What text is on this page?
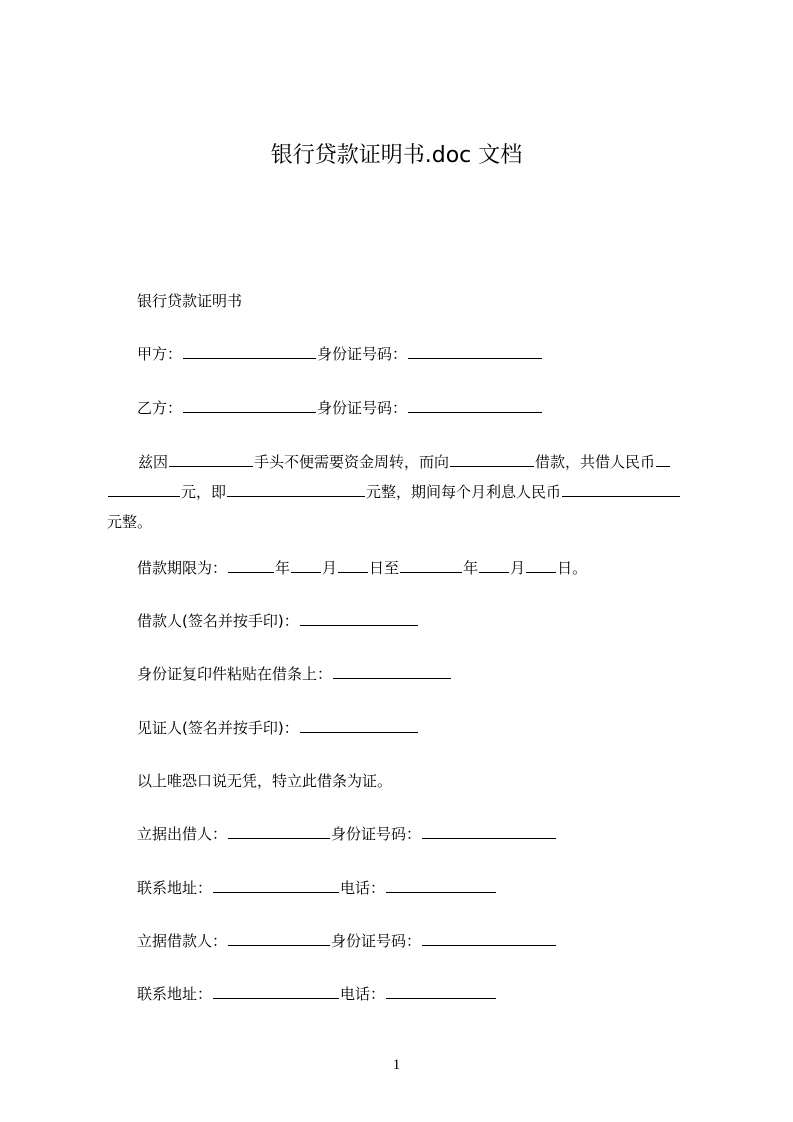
银行贷款证明书.doc 文档
银行贷款证明书
甲方：	身份证号码：
乙方：	身份证号码：
兹因	手头不便需要资金周转，而向	借款，共借人民币
元，即	元整，期间每个月利息人民币
元整。
借款期限为：	年 月 日至	年 月 日。
借款人(签名并按手印)：
身份证复印件粘贴在借条上：
见证人(签名并按手印)：
以上唯恐口说无凭，特立此借条为证。
立据出借人：	身份证号码：
联系地址：	电话：
立据借款人：	身份证号码：
联系地址：	电话：
1
